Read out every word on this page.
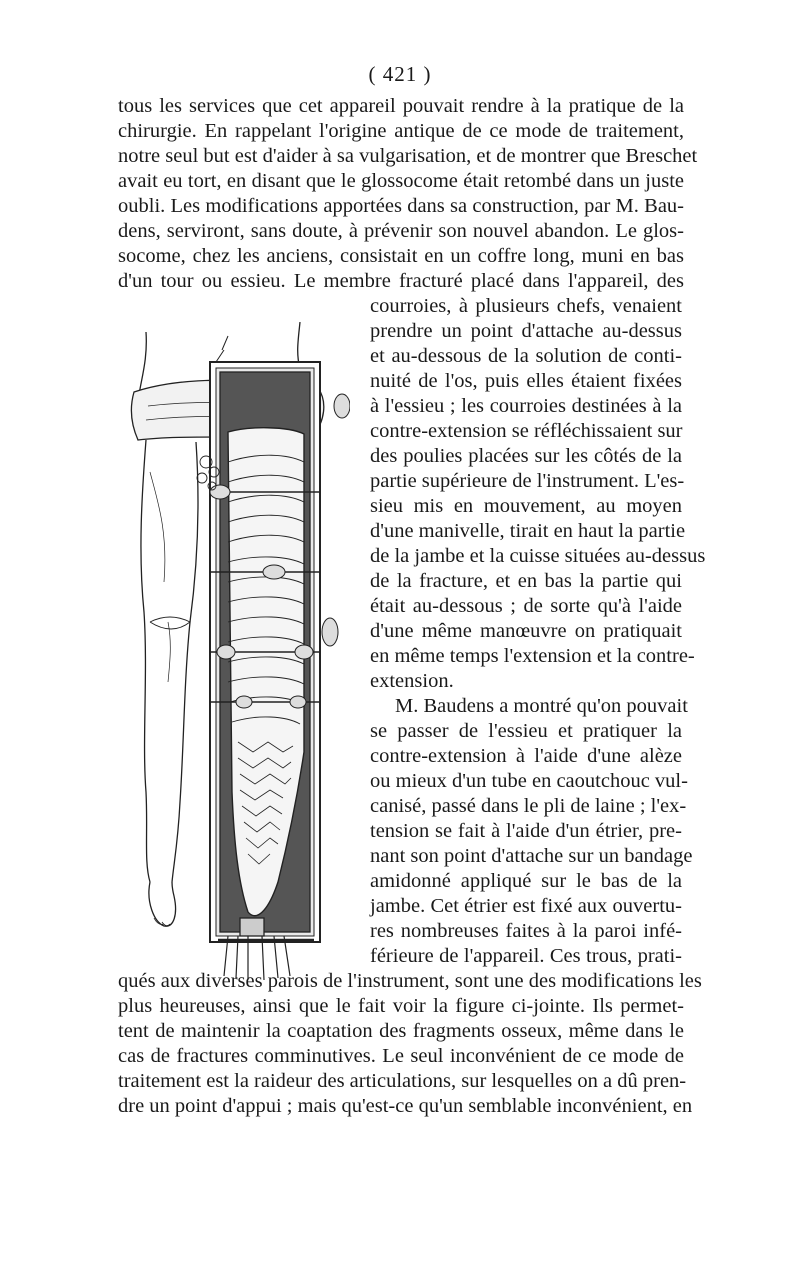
( 421 )
tous les services que cet appareil pouvait rendre à la pratique de la
chirurgie. En rappelant l'origine antique de ce mode de traitement,
notre seul but est d'aider à sa vulgarisation, et de montrer que Breschet
avait eu tort, en disant que le glossocome était retombé dans un juste
oubli. Les modifications apportées dans sa construction, par M. Bau-
dens, serviront, sans doute, à prévenir son nouvel abandon. Le glos-
socome, chez les anciens, consistait en un coffre long, muni en bas
d'un tour ou essieu. Le membre fracturé placé dans l'appareil, des
courroies, à plusieurs chefs, venaient
prendre un point d'attache au-dessus
et au-dessous de la solution de conti-
nuité de l'os, puis elles étaient fixées
à l'essieu ; les courroies destinées à la
contre-extension se réfléchissaient sur
des poulies placées sur les côtés de la
partie supérieure de l'instrument. L'es-
sieu mis en mouvement, au moyen
d'une manivelle, tirait en haut la partie
de la jambe et la cuisse situées au-dessus
de la fracture, et en bas la partie qui
était au-dessous ; de sorte qu'à l'aide
d'une même manœuvre on pratiquait
en même temps l'extension et la contre-
extension.
M. Baudens a montré qu'on pouvait
se passer de l'essieu et pratiquer la
contre-extension à l'aide d'une alèze
ou mieux d'un tube en caoutchouc vul-
canisé, passé dans le pli de laine ; l'ex-
tension se fait à l'aide d'un étrier, pre-
nant son point d'attache sur un bandage
amidonné appliqué sur le bas de la
jambe. Cet étrier est fixé aux ouvertu-
res nombreuses faites à la paroi infé-
férieure de l'appareil. Ces trous, prati-
qués aux diverses parois de l'instrument, sont une des modifications les
plus heureuses, ainsi que le fait voir la figure ci-jointe. Ils permet-
tent de maintenir la coaptation des fragments osseux, même dans le
cas de fractures comminutives. Le seul inconvénient de ce mode de
traitement est la raideur des articulations, sur lesquelles on a dû pren-
dre un point d'appui ; mais qu'est-ce qu'un semblable inconvénient, en
